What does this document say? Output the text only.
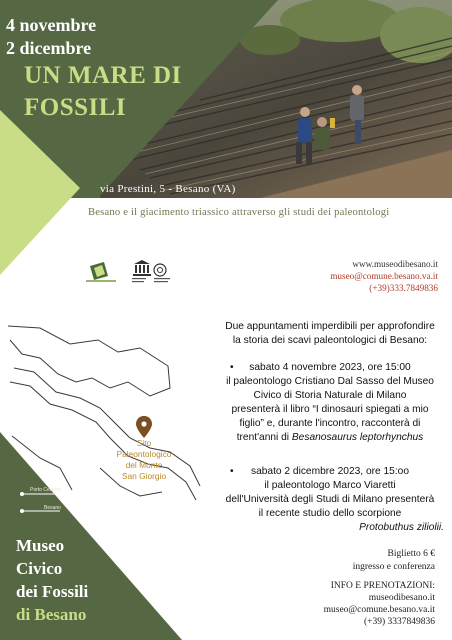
4 novembre
2 dicembre
UN MARE DI
FOSSILI
via Prestini, 5 - Besano (VA)
Besano e il giacimento triassico attraverso gli studi dei paleontologi
www.museodibesano.it
museo@comune.besano.va.it
(+39)333.7849836
Sito
Paleontologico
del Monte
San Giorgio
Porto Ceresio
Besano
Due appuntamenti imperdibili per approfondire
la storia dei scavi paleontologici di Besano:
• sabato 4 novembre 2023, ore 15:00
il paleontologo Cristiano Dal Sasso del Museo
Civico di Storia Naturale di Milano
presenterà il libro “I dinosauri spiegati a mio
figlio” e, durante l'incontro, racconterà di
trent'anni di Besanosaurus leptorhynchus
• sabato 2 dicembre 2023, ore 15:oo
il paleontologo Marco Viaretti
dell'Università degli Studi di Milano presenterà
il recente studio dello scorpione
Protobuthus ziliolii.
Museo
Civico
dei Fossili
di Besano
Biglietto 6 €
ingresso e conferenza
INFO E PRENOTAZIONI:
museodibesano.it
museo@comune.besano.va.it
(+39) 3337849836
